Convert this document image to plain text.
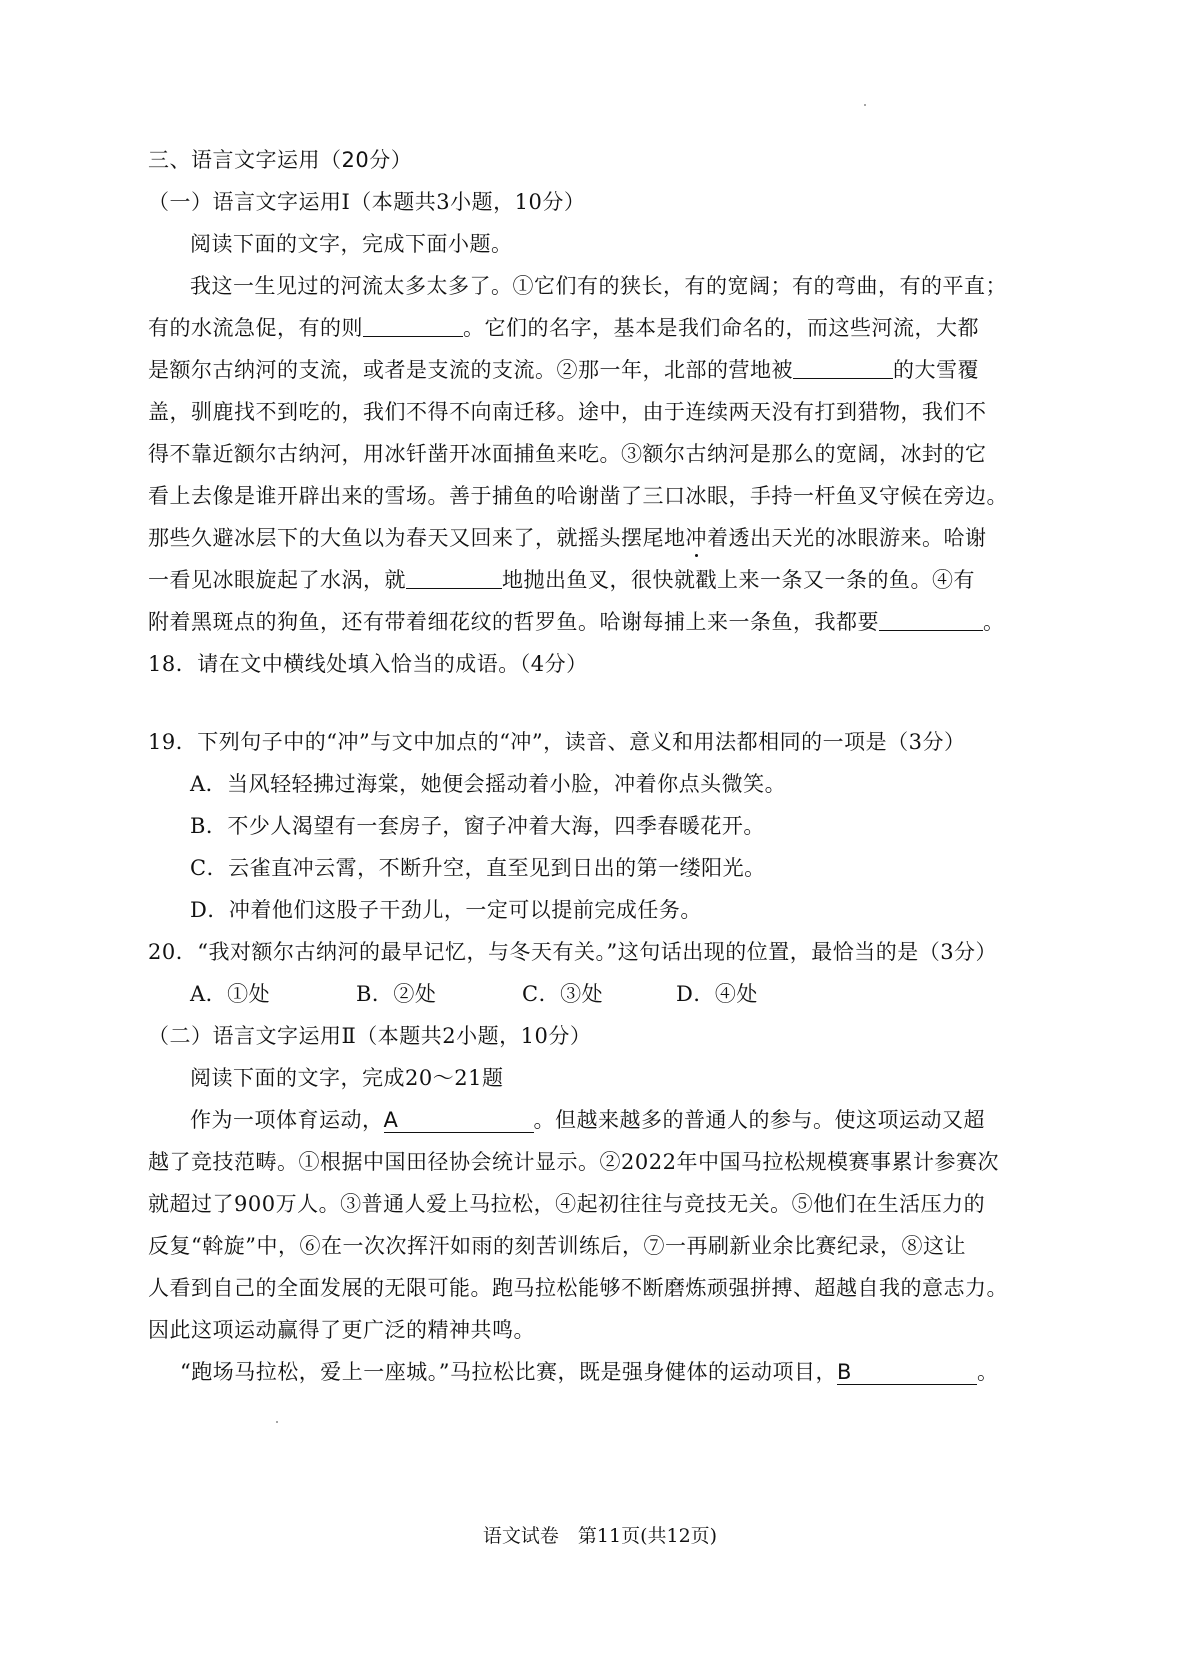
三、语言文字运用（20分）
（一）语言文字运用Ⅰ（本题共3小题，10分）
阅读下面的文字，完成下面小题。
我这一生见过的河流太多太多了。①它们有的狭长，有的宽阔；有的弯曲，有的平直；
有的水流急促，有的则	。它们的名字，基本是我们命名的，而这些河流，大都
是额尔古纳河的支流，或者是支流的支流。②那一年，北部的营地被	的大雪覆
盖，驯鹿找不到吃的，我们不得不向南迁移。途中，由于连续两天没有打到猎物，我们不
得不靠近额尔古纳河，用冰钎凿开冰面捕鱼来吃。③额尔古纳河是那么的宽阔，冰封的它
看上去像是谁开辟出来的雪场。善于捕鱼的哈谢凿了三口冰眼，手持一杆鱼叉守候在旁边。
那些久避冰层下的大鱼以为春天又回来了，就摇头摆尾地冲着透出天光的冰眼游来。哈谢
一看见冰眼旋起了水涡，就	地抛出鱼叉，很快就戳上来一条又一条的鱼。④有
附着黑斑点的狗鱼，还有带着细花纹的哲罗鱼。哈谢每捕上来一条鱼，我都要	。
18．请在文中横线处填入恰当的成语。（4分）
19．下列句子中的“冲”与文中加点的“冲”，读音、意义和用法都相同的一项是（3分）
A．当风轻轻拂过海棠，她便会摇动着小脸，冲着你点头微笑。
B．不少人渴望有一套房子，窗子冲着大海，四季春暖花开。
C．云雀直冲云霄，不断升空，直至见到日出的第一缕阳光。
D．冲着他们这股子干劲儿，一定可以提前完成任务。
20．“我对额尔古纳河的最早记忆，与冬天有关。”这句话出现的位置，最恰当的是（3分）
A．①处	B．②处	C．③处	D．④处
（二）语言文字运用Ⅱ（本题共2小题，10分）
阅读下面的文字，完成20～21题
作为一项体育运动，A	。但越来越多的普通人的参与。使这项运动又超
越了竞技范畴。①根据中国田径协会统计显示。②2022年中国马拉松规模赛事累计参赛次
就超过了900万人。③普通人爱上马拉松，④起初往往与竞技无关。⑤他们在生活压力的
反复“斡旋”中，⑥在一次次挥汗如雨的刻苦训练后，⑦一再刷新业余比赛纪录，⑧这让
人看到自己的全面发展的无限可能。跑马拉松能够不断磨炼顽强拼搏、超越自我的意志力。
因此这项运动赢得了更广泛的精神共鸣。
“跑场马拉松，爱上一座城。”马拉松比赛，既是强身健体的运动项目，B	。
语文试卷　第11页(共12页)
